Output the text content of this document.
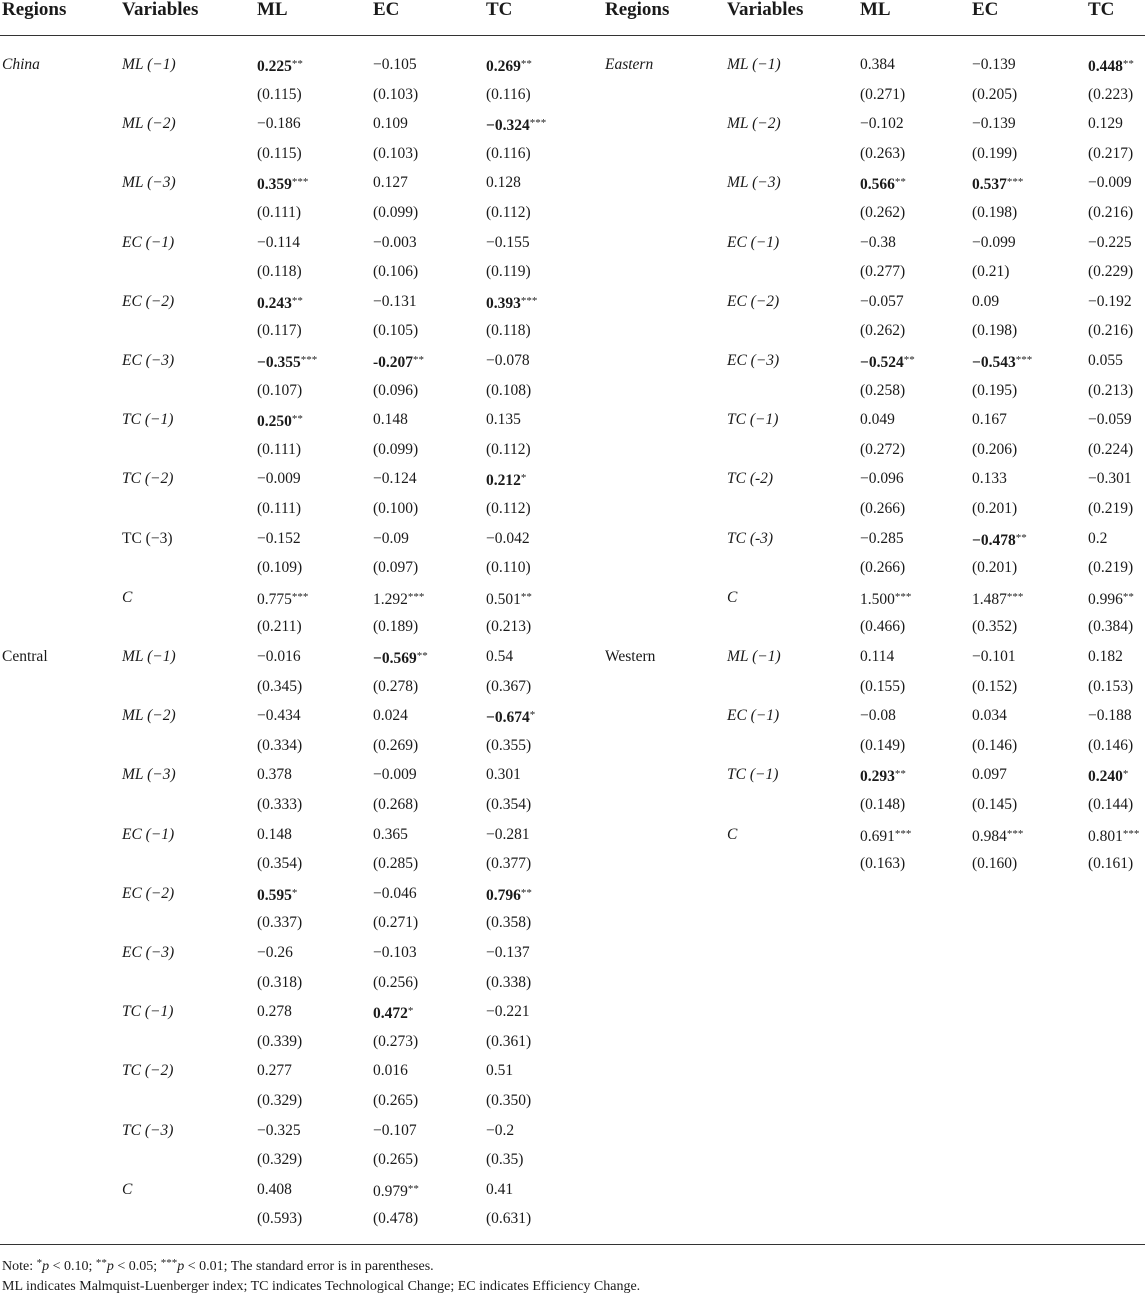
Regions	Variables	ML	EC	TC	Regions	Variables	ML	EC	TC
China	ML (−1)	0.225**	−0.105	0.269**
(0.115)	(0.103)	(0.116)
ML (−2)	−0.186	0.109	−0.324***
(0.115)	(0.103)	(0.116)
ML (−3)	0.359***	0.127	0.128
(0.111)	(0.099)	(0.112)
EC (−1)	−0.114	−0.003	−0.155
(0.118)	(0.106)	(0.119)
EC (−2)	0.243**	−0.131	0.393***
(0.117)	(0.105)	(0.118)
EC (−3)	−0.355***	-0.207**	−0.078
(0.107)	(0.096)	(0.108)
TC (−1)	0.250**	0.148	0.135
(0.111)	(0.099)	(0.112)
TC (−2)	−0.009	−0.124	0.212*
(0.111)	(0.100)	(0.112)
TC (−3)	−0.152	−0.09	−0.042
(0.109)	(0.097)	(0.110)
C	0.775***	1.292***	0.501**
(0.211)	(0.189)	(0.213)
Central	ML (−1)	−0.016	−0.569**	0.54
(0.345)	(0.278)	(0.367)
ML (−2)	−0.434	0.024	−0.674*
(0.334)	(0.269)	(0.355)
ML (−3)	0.378	−0.009	0.301
(0.333)	(0.268)	(0.354)
EC (−1)	0.148	0.365	−0.281
(0.354)	(0.285)	(0.377)
EC (−2)	0.595*	−0.046	0.796**
(0.337)	(0.271)	(0.358)
EC (−3)	−0.26	−0.103	−0.137
(0.318)	(0.256)	(0.338)
TC (−1)	0.278	0.472*	−0.221
(0.339)	(0.273)	(0.361)
TC (−2)	0.277	0.016	0.51
(0.329)	(0.265)	(0.350)
TC (−3)	−0.325	−0.107	−0.2
(0.329)	(0.265)	(0.35)
C	0.408	0.979**	0.41
(0.593)	(0.478)	(0.631)
Eastern	ML (−1)	0.384	−0.139	0.448**
(0.271)	(0.205)	(0.223)
ML (−2)	−0.102	−0.139	0.129
(0.263)	(0.199)	(0.217)
ML (−3)	0.566**	0.537***	−0.009
(0.262)	(0.198)	(0.216)
EC (−1)	−0.38	−0.099	−0.225
(0.277)	(0.21)	(0.229)
EC (−2)	−0.057	0.09	−0.192
(0.262)	(0.198)	(0.216)
EC (−3)	−0.524**	−0.543***	0.055
(0.258)	(0.195)	(0.213)
TC (−1)	0.049	0.167	−0.059
(0.272)	(0.206)	(0.224)
TC (-2)	−0.096	0.133	−0.301
(0.266)	(0.201)	(0.219)
TC (-3)	−0.285	−0.478**	0.2
(0.266)	(0.201)	(0.219)
C	1.500***	1.487***	0.996**
(0.466)	(0.352)	(0.384)
Western	ML (−1)	0.114	−0.101	0.182
(0.155)	(0.152)	(0.153)
EC (−1)	−0.08	0.034	−0.188
(0.149)	(0.146)	(0.146)
TC (−1)	0.293**	0.097	0.240*
(0.148)	(0.145)	(0.144)
C	0.691***	0.984***	0.801***
(0.163)	(0.160)	(0.161)
Note: *p < 0.10; **p < 0.05; ***p < 0.01; The standard error is in parentheses.
ML indicates Malmquist-Luenberger index; TC indicates Technological Change; EC indicates Efficiency Change.
